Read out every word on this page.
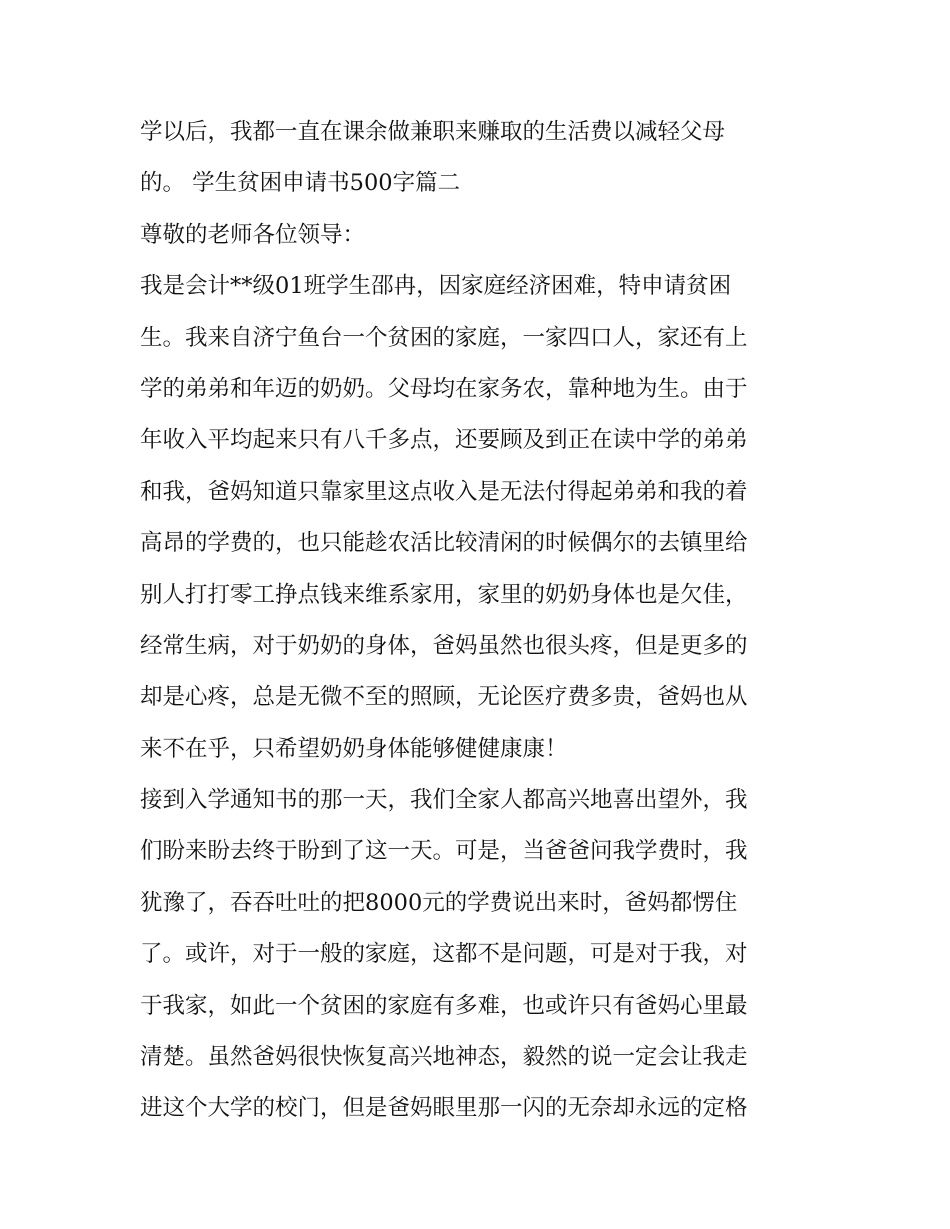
学以后，我都一直在课余做兼职来赚取的生活费以减轻父母
的。 学生贫困申请书500字篇二
尊敬的老师各位领导：
我是会计**级01班学生邵冉，因家庭经济困难，特申请贫困
生。我来自济宁鱼台一个贫困的家庭，一家四口人，家还有上
学的弟弟和年迈的奶奶。父母均在家务农，靠种地为生。由于
年收入平均起来只有八千多点，还要顾及到正在读中学的弟弟
和我，爸妈知道只靠家里这点收入是无法付得起弟弟和我的着
高昂的学费的，也只能趁农活比较清闲的时候偶尔的去镇里给
别人打打零工挣点钱来维系家用，家里的奶奶身体也是欠佳，
经常生病，对于奶奶的身体，爸妈虽然也很头疼，但是更多的
却是心疼，总是无微不至的照顾，无论医疗费多贵，爸妈也从
来不在乎，只希望奶奶身体能够健健康康！
接到入学通知书的那一天，我们全家人都高兴地喜出望外，我
们盼来盼去终于盼到了这一天。可是，当爸爸问我学费时，我
犹豫了，吞吞吐吐的把8000元的学费说出来时，爸妈都愣住
了。或许，对于一般的家庭，这都不是问题，可是对于我，对
于我家，如此一个贫困的家庭有多难，也或许只有爸妈心里最
清楚。虽然爸妈很快恢复高兴地神态，毅然的说一定会让我走
进这个大学的校门，但是爸妈眼里那一闪的无奈却永远的定格
